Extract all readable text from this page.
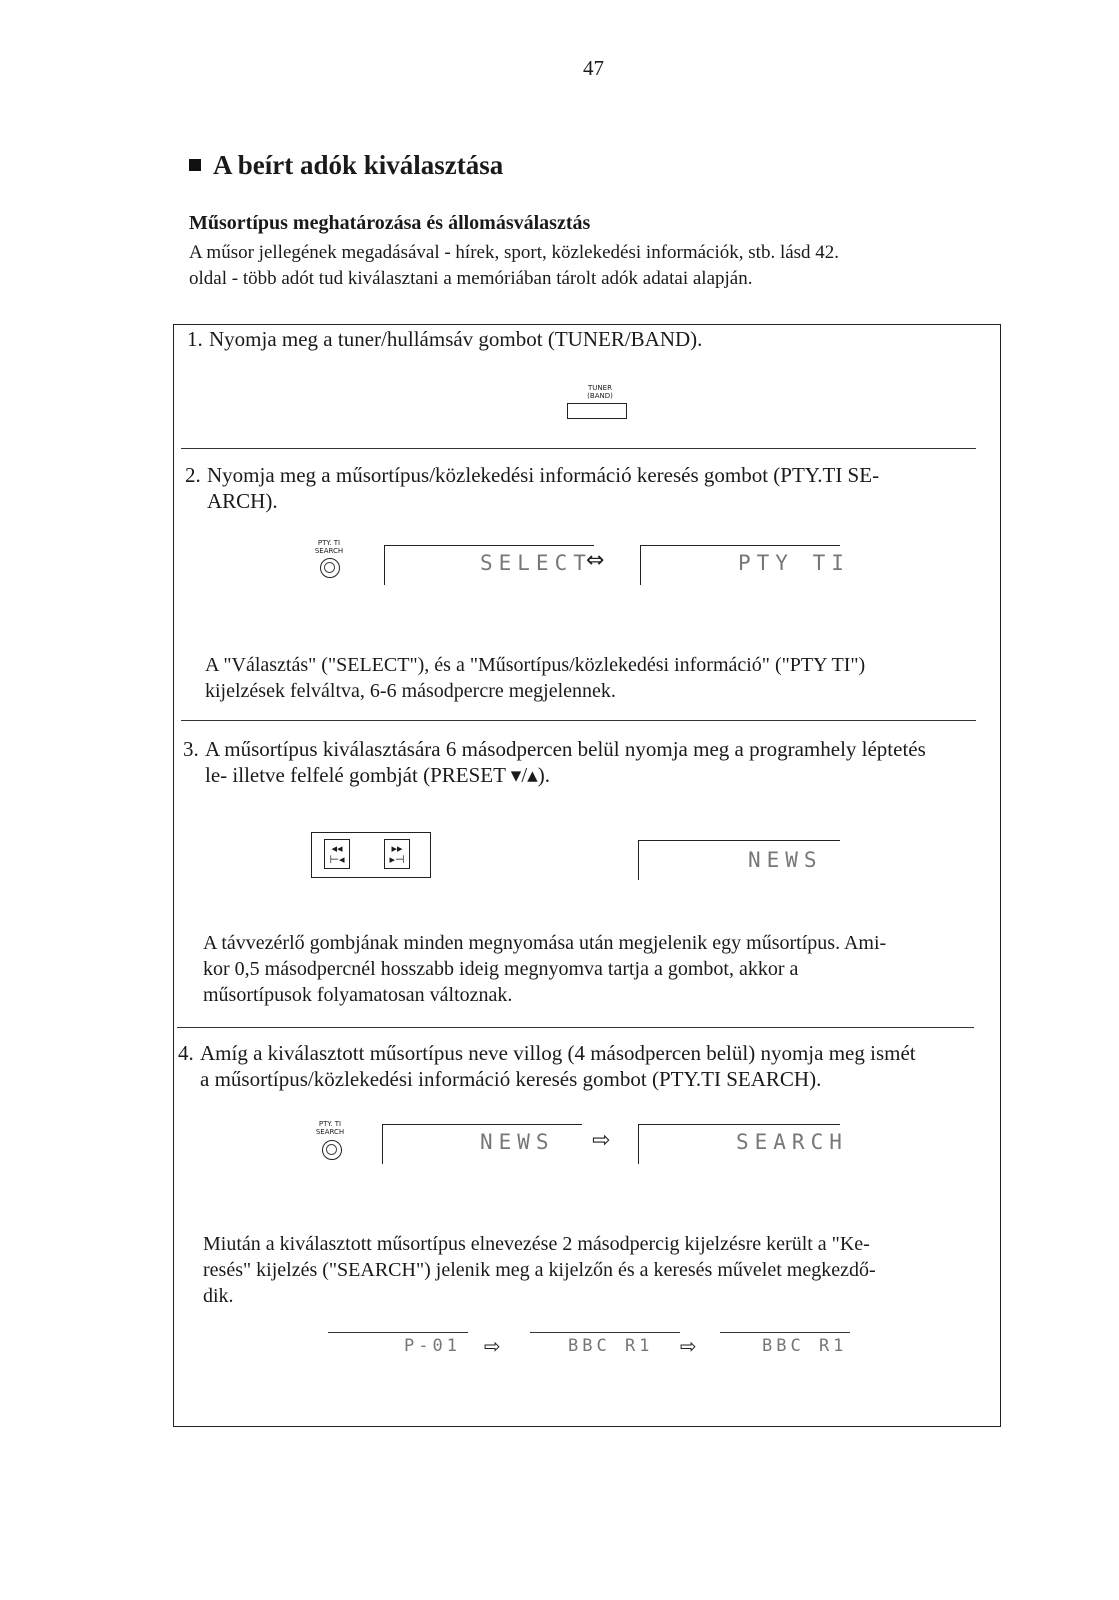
47
A beírt adók kiválasztása
Műsortípus meghatározása és állomásválasztás
A műsor jellegének megadásával - hírek, sport, közlekedési információk, stb. lásd 42.
oldal - több adót tud kiválasztani a memóriában tárolt adók adatai alapján.
1. Nyomja meg a tuner/hullámsáv gombot (TUNER/BAND).
TUNER
(BAND)
2. Nyomja meg a műsortípus/közlekedési információ keresés gombot (PTY.TI SE-
ARCH).
PTY. TI
SEARCH	SELECT
⇔	PTY TI
A "Választás" ("SELECT"), és a "Műsortípus/közlekedési információ" ("PTY TI")
kijelzések felváltva, 6-6 másodpercre megjelennek.
3. A műsortípus kiválasztására 6 másodpercen belül nyomja meg a programhely léptetés
le- illetve felfelé gombját (PRESET ▾/▴).
◂◂
⊢◂
▸▸
▸⊣	NEWS
A távvezérlő gombjának minden megnyomása után megjelenik egy műsortípus. Ami-
kor 0,5 másodpercnél hosszabb ideig megnyomva tartja a gombot, akkor a
műsortípusok folyamatosan változnak.
4. Amíg a kiválasztott műsortípus neve villog (4 másodpercen belül) nyomja meg ismét
a műsortípus/közlekedési információ keresés gombot (PTY.TI SEARCH).
PTY. TI
SEARCH	NEWS ⇨	SEARCH
Miután a kiválasztott műsortípus elnevezése 2 másodpercig kijelzésre került a "Ke-
resés" kijelzés ("SEARCH") jelenik meg a kijelzőn és a keresés művelet megkezdő-
dik.
P-01 ⇨	BBC R1 ⇨	BBC R1
